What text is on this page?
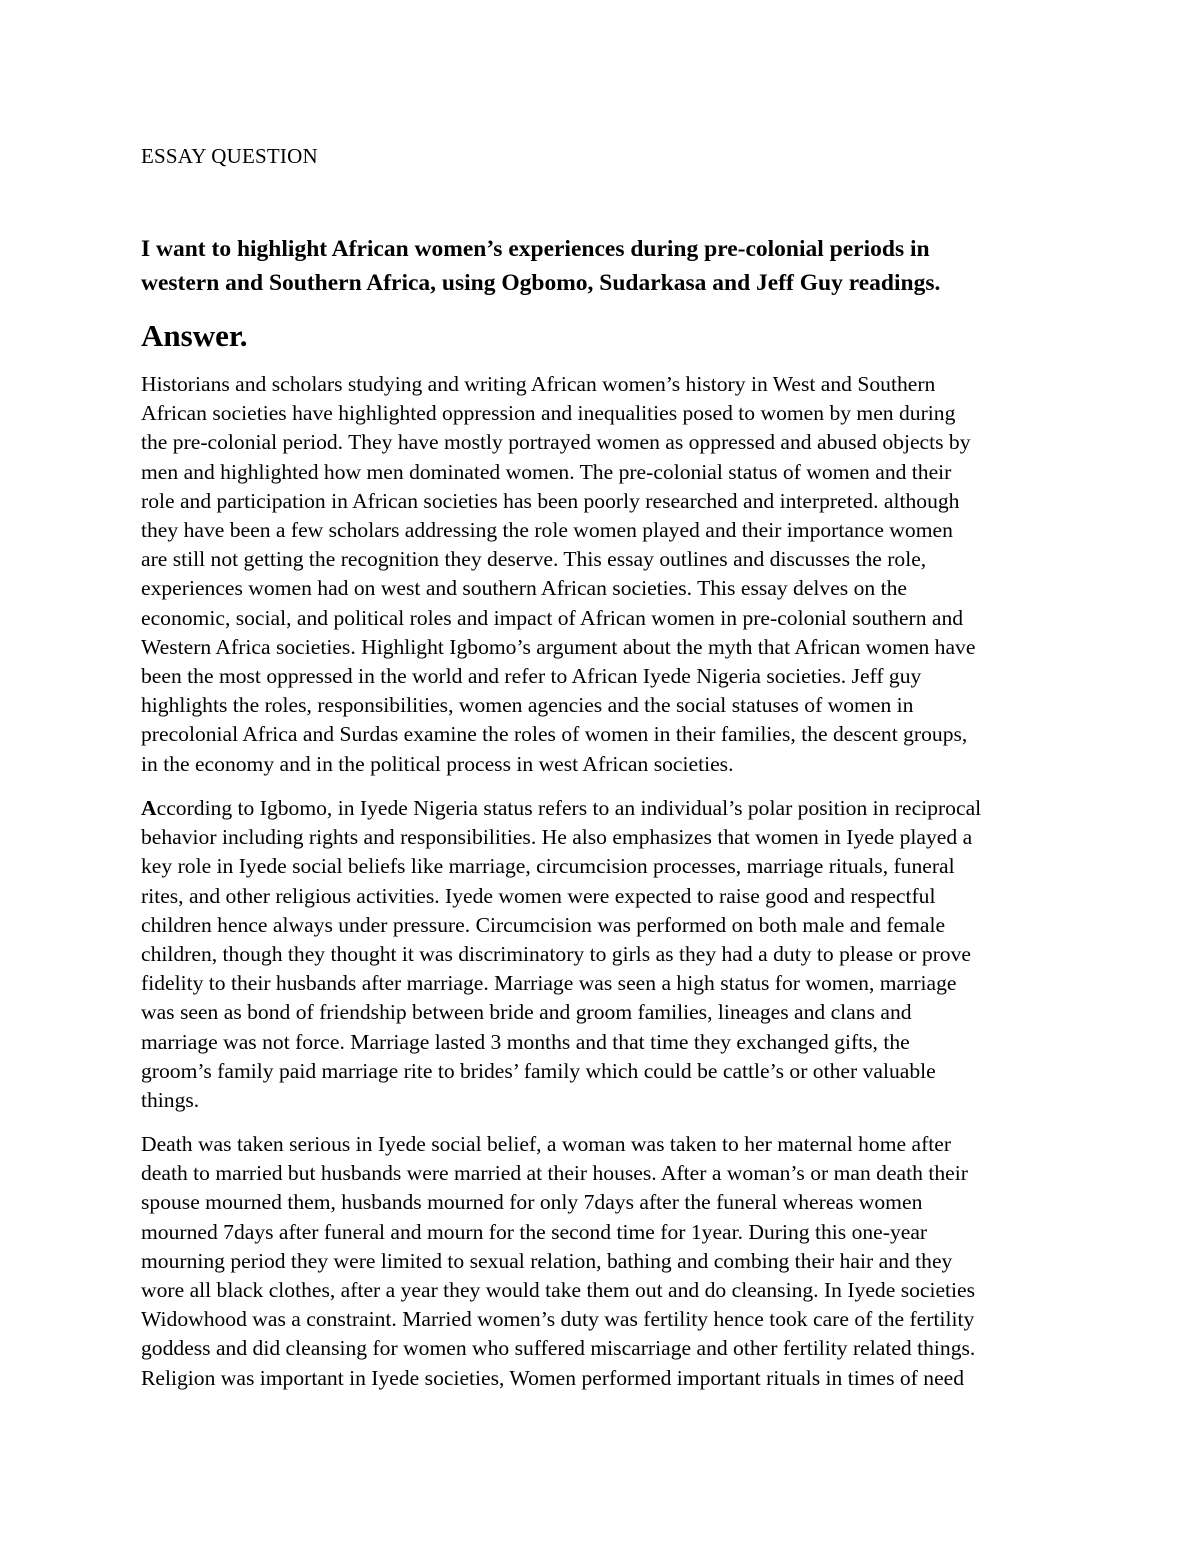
ESSAY QUESTION
I want to highlight African women’s experiences during pre-colonial periods in
western and Southern Africa, using Ogbomo, Sudarkasa and Jeff Guy readings.
Answer.

Historians and scholars studying and writing African women’s history in West and Southern
African societies have highlighted oppression and inequalities posed to women by men during
the pre-colonial period. They have mostly portrayed women as oppressed and abused objects by
men and highlighted how men dominated women. The pre-colonial status of women and their
role and participation in African societies has been poorly researched and interpreted. although
they have been a few scholars addressing the role women played and their importance women
are still not getting the recognition they deserve. This essay outlines and discusses the role,
experiences women had on west and southern African societies. This essay delves on the
economic, social, and political roles and impact of African women in pre-colonial southern and
Western Africa societies. Highlight Igbomo’s argument about the myth that African women have
been the most oppressed in the world and refer to African Iyede Nigeria societies. Jeff guy
highlights the roles, responsibilities, women agencies and the social statuses of women in
precolonial Africa and Surdas examine the roles of women in their families, the descent groups,
in the economy and in the political process in west African societies.

According to Igbomo, in Iyede Nigeria status refers to an individual’s polar position in reciprocal
behavior including rights and responsibilities. He also emphasizes that women in Iyede played a
key role in Iyede social beliefs like marriage, circumcision processes, marriage rituals, funeral
rites, and other religious activities. Iyede women were expected to raise good and respectful
children hence always under pressure. Circumcision was performed on both male and female
children, though they thought it was discriminatory to girls as they had a duty to please or prove
fidelity to their husbands after marriage. Marriage was seen a high status for women, marriage
was seen as bond of friendship between bride and groom families, lineages and clans and
marriage was not force. Marriage lasted 3 months and that time they exchanged gifts, the
groom’s family paid marriage rite to brides’ family which could be cattle’s or other valuable
things.

Death was taken serious in Iyede social belief, a woman was taken to her maternal home after
death to married but husbands were married at their houses. After a woman’s or man death their
spouse mourned them, husbands mourned for only 7days after the funeral whereas women
mourned 7days after funeral and mourn for the second time for 1year. During this one-year
mourning period they were limited to sexual relation, bathing and combing their hair and they
wore all black clothes, after a year they would take them out and do cleansing. In Iyede societies
Widowhood was a constraint. Married women’s duty was fertility hence took care of the fertility
goddess and did cleansing for women who suffered miscarriage and other fertility related things.
Religion was important in Iyede societies, Women performed important rituals in times of need
